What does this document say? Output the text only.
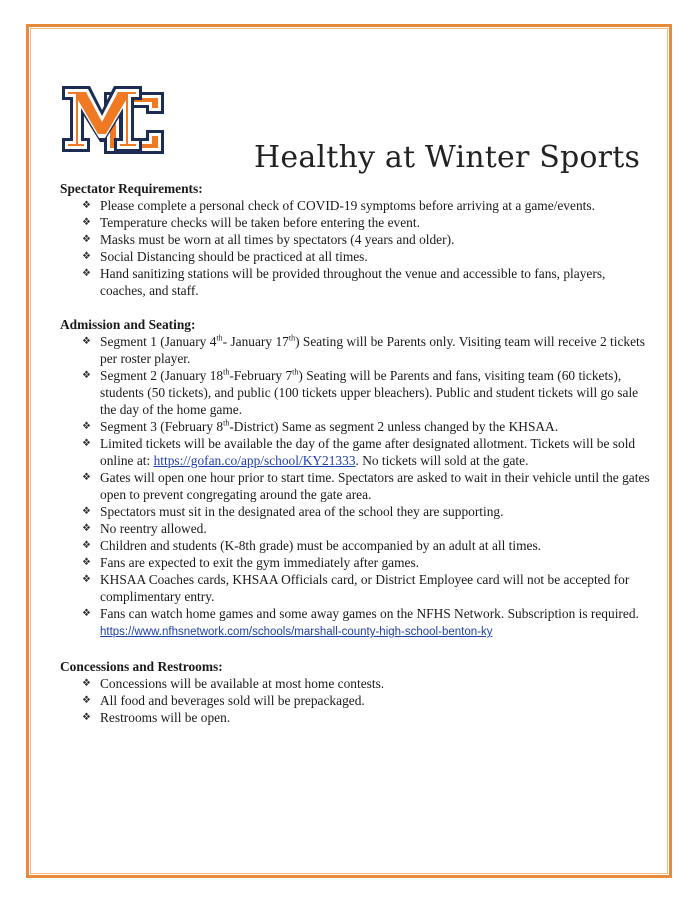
Healthy at Winter Sports

Spectator Requirements:

❖ Please complete a personal check of COVID-19 symptoms before arriving at a game/events.
❖ Temperature checks will be taken before entering the event.
❖ Masks must be worn at all times by spectators (4 years and older).
❖ Social Distancing should be practiced at all times.
❖ Hand sanitizing stations will be provided throughout the venue and accessible to fans, players, coaches, and staff.

Admission and Seating:

❖ Segment 1 (January 4th- January 17th) Seating will be Parents only. Visiting team will receive 2 tickets per roster player.
❖ Segment 2 (January 18th-February 7th) Seating will be Parents and fans, visiting team (60 tickets), students (50 tickets), and public (100 tickets upper bleachers). Public and student tickets will go sale the day of the home game.
❖ Segment 3 (February 8th-District) Same as segment 2 unless changed by the KHSAA.
❖ Limited tickets will be available the day of the game after designated allotment. Tickets will be sold online at: https://gofan.co/app/school/KY21333. No tickets will sold at the gate.
❖ Gates will open one hour prior to start time. Spectators are asked to wait in their vehicle until the gates open to prevent congregating around the gate area.
❖ Spectators must sit in the designated area of the school they are supporting.
❖ No reentry allowed.
❖ Children and students (K-8th grade) must be accompanied by an adult at all times.
❖ Fans are expected to exit the gym immediately after games.
❖ KHSAA Coaches cards, KHSAA Officials card, or District Employee card will not be accepted for complimentary entry.
❖ Fans can watch home games and some away games on the NFHS Network. Subscription is required.
https://www.nfhsnetwork.com/schools/marshall-county-high-school-benton-ky

Concessions and Restrooms:

❖ Concessions will be available at most home contests.
❖ All food and beverages sold will be prepackaged.
❖ Restrooms will be open.
